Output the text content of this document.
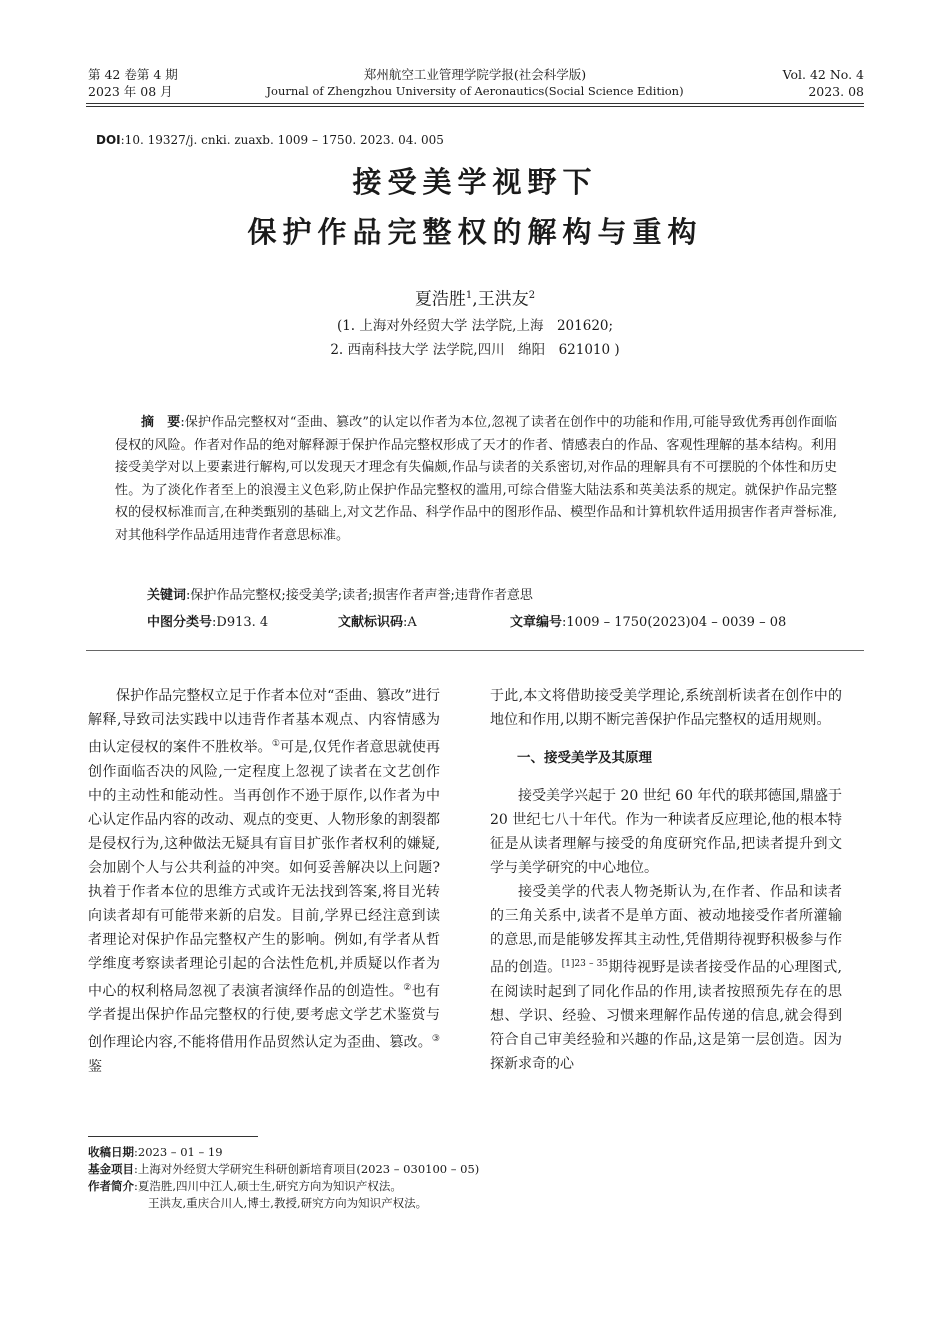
第 42 卷第 4 期
2023 年 08 月
郑州航空工业管理学院学报(社会科学版)
Journal of Zhengzhou University of Aeronautics(Social Science Edition)
Vol. 42 No. 4
2023. 08
DOI:10. 19327/j. cnki. zuaxb. 1009 – 1750. 2023. 04. 005
接受美学视野下
保护作品完整权的解构与重构
夏浩胜$^1$,王洪友$^2$
(1. 上海对外经贸大学 法学院,上海　201620;
2. 西南科技大学 法学院,四川　绵阳　621010 )

摘　要:保护作品完整权对“歪曲、篡改”的认定以作者为本位,忽视了读者在创作中的功能和作用,可能导致优秀再创作面临侵权的风险。作者对作品的绝对解释源于保护作品完整权形成了天才的作者、情感表白的作品、客观性理解的基本结构。利用接受美学对以上要素进行解构,可以发现天才理念有失偏颇,作品与读者的关系密切,对作品的理解具有不可摆脱的个体性和历史性。为了淡化作者至上的浪漫主义色彩,防止保护作品完整权的滥用,可综合借鉴大陆法系和英美法系的规定。就保护作品完整权的侵权标准而言,在种类甄别的基础上,对文艺作品、科学作品中的图形作品、模型作品和计算机软件适用损害作者声誉标准,对其他科学作品适用违背作者意思标准。

关键词:保护作品完整权;接受美学;读者;损害作者声誉;违背作者意思
中图分类号:D913. 4	文献标识码:A	文章编号:1009 – 1750(2023)04 – 0039 – 08

保护作品完整权立足于作者本位对“歪曲、篡改”进行解释,导致司法实践中以违背作者基本观点、内容情感为由认定侵权的案件不胜枚举。①可是,仅凭作者意思就使再创作面临否决的风险,一定程度上忽视了读者在文艺创作中的主动性和能动性。当再创作不逊于原作,以作者为中心认定作品内容的改动、观点的变更、人物形象的割裂都是侵权行为,这种做法无疑具有盲目扩张作者权利的嫌疑,会加剧个人与公共利益的冲突。如何妥善解决以上问题?执着于作者本位的思维方式或许无法找到答案,将目光转向读者却有可能带来新的启发。目前,学界已经注意到读者理论对保护作品完整权产生的影响。例如,有学者从哲学维度考察读者理论引起的合法性危机,并质疑以作者为中心的权利格局忽视了表演者演绎作品的创造性。②也有学者提出保护作品完整权的行使,要考虑文学艺术鉴赏与创作理论内容,不能将借用作品贸然认定为歪曲、篡改。③鉴

于此,本文将借助接受美学理论,系统剖析读者在创作中的地位和作用,以期不断完善保护作品完整权的适用规则。

一、接受美学及其原理

接受美学兴起于 20 世纪 60 年代的联邦德国,鼎盛于 20 世纪七八十年代。作为一种读者反应理论,他的根本特征是从读者理解与接受的角度研究作品,把读者提升到文学与美学研究的中心地位。

接受美学的代表人物尧斯认为,在作者、作品和读者的三角关系中,读者不是单方面、被动地接受作者所灌输的意思,而是能够发挥其主动性,凭借期待视野积极参与作品的创造。$^{[1]23 - 35}$期待视野是读者接受作品的心理图式,在阅读时起到了同化作品的作用,读者按照预先存在的思想、学识、经验、习惯来理解作品传递的信息,就会得到符合自己审美经验和兴趣的作品,这是第一层创造。因为探新求奇的心

收稿日期:2023 – 01 – 19
基金项目:上海对外经贸大学研究生科研创新培育项目(2023 – 030100 – 05)
作者简介:夏浩胜,四川中江人,硕士生,研究方向为知识产权法。
王洪友,重庆合川人,博士,教授,研究方向为知识产权法。
